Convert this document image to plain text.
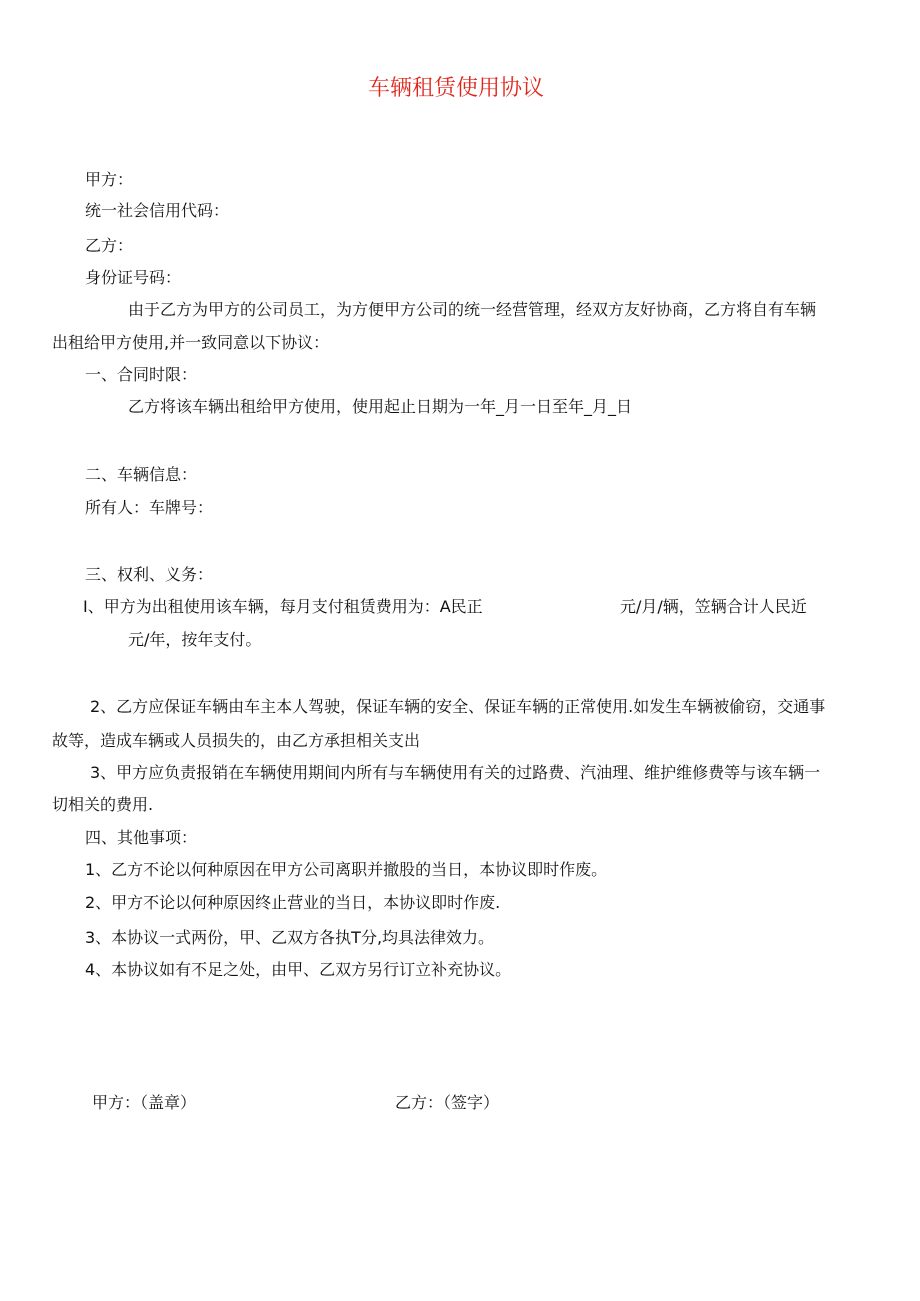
车辆租赁使用协议
甲方：
统一社会信用代码：
乙方：
身份证号码：
由于乙方为甲方的公司员工，为方便甲方公司的统一经营管理，经双方友好协商，乙方将自有车辆
出租给甲方使用,并一致同意以下协议：
一、合同时限：
乙方将该车辆出租给甲方使用，使用起止日期为一年_月一日至年_月_日
二、车辆信息：
所有人：车牌号：
三、权利、义务：
I、甲方为出租使用该车辆，每月支付租赁费用为：A民正	元/月/辆，笠辆合计人民近
元/年，按年支付。
2、乙方应保证车辆由车主本人驾驶，保证车辆的安全、保证车辆的正常使用.如发生车辆被偷窃，交通事
故等，造成车辆或人员损失的，由乙方承担相关支出
3、甲方应负责报销在车辆使用期间内所有与车辆使用有关的过路费、汽油理、维护维修费等与该车辆一
切相关的费用.
四、其他事项：
1、乙方不论以何种原因在甲方公司离职并撤股的当日，本协议即时作废。
2、甲方不论以何种原因终止营业的当日，本协议即时作废.
3、本协议一式两份，甲、乙双方各执T分,均具法律效力。
4、本协议如有不足之处，由甲、乙双方另行订立补充协议。
甲方：（盖章）	乙方：（签字）
